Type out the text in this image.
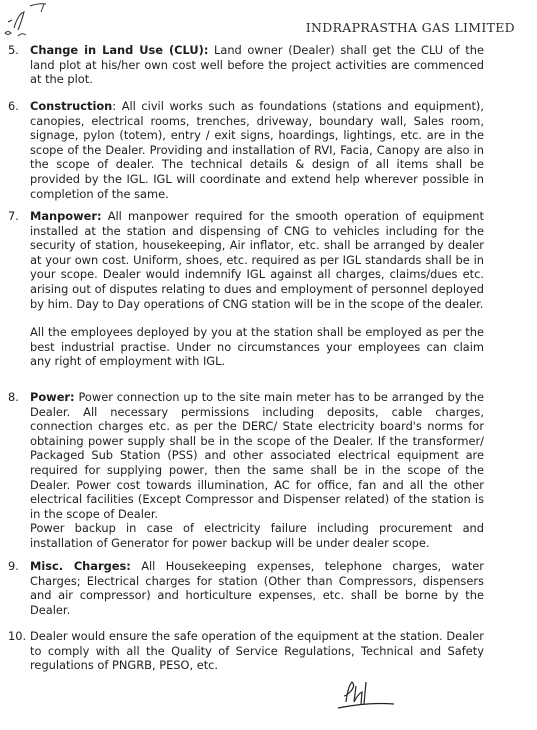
INDRAPRASTHA GAS LIMITED
5. Change in Land Use (CLU): Land owner (Dealer) shall get the CLU of the land plot at his/her own cost well before the project activities are commenced at the plot.
6. Construction: All civil works such as foundations (stations and equipment), canopies, electrical rooms, trenches, driveway, boundary wall, Sales room, signage, pylon (totem), entry / exit signs, hoardings, lightings, etc. are in the scope of the Dealer. Providing and installation of RVI, Facia, Canopy are also in the scope of dealer. The technical details & design of all items shall be provided by the IGL. IGL will coordinate and extend help wherever possible in completion of the same.
7. Manpower: All manpower required for the smooth operation of equipment installed at the station and dispensing of CNG to vehicles including for the security of station, housekeeping, Air inflator, etc. shall be arranged by dealer at your own cost. Uniform, shoes, etc. required as per IGL standards shall be in your scope. Dealer would indemnify IGL against all charges, claims/dues etc. arising out of disputes relating to dues and employment of personnel deployed by him. Day to Day operations of CNG station will be in the scope of the dealer.
All the employees deployed by you at the station shall be employed as per the best industrial practise. Under no circumstances your employees can claim any right of employment with IGL.
8. Power: Power connection up to the site main meter has to be arranged by the Dealer. All necessary permissions including deposits, cable charges, connection charges etc. as per the DERC/ State electricity board's norms for obtaining power supply shall be in the scope of the Dealer. If the transformer/ Packaged Sub Station (PSS) and other associated electrical equipment are required for supplying power, then the same shall be in the scope of the Dealer. Power cost towards illumination, AC for office, fan and all the other electrical facilities (Except Compressor and Dispenser related) of the station is in the scope of Dealer.
Power backup in case of electricity failure including procurement and installation of Generator for power backup will be under dealer scope.
9. Misc. Charges: All Housekeeping expenses, telephone charges, water Charges; Electrical charges for station (Other than Compressors, dispensers and air compressor) and horticulture expenses, etc. shall be borne by the Dealer.
10. Dealer would ensure the safe operation of the equipment at the station. Dealer to comply with all the Quality of Service Regulations, Technical and Safety regulations of PNGRB, PESO, etc.
